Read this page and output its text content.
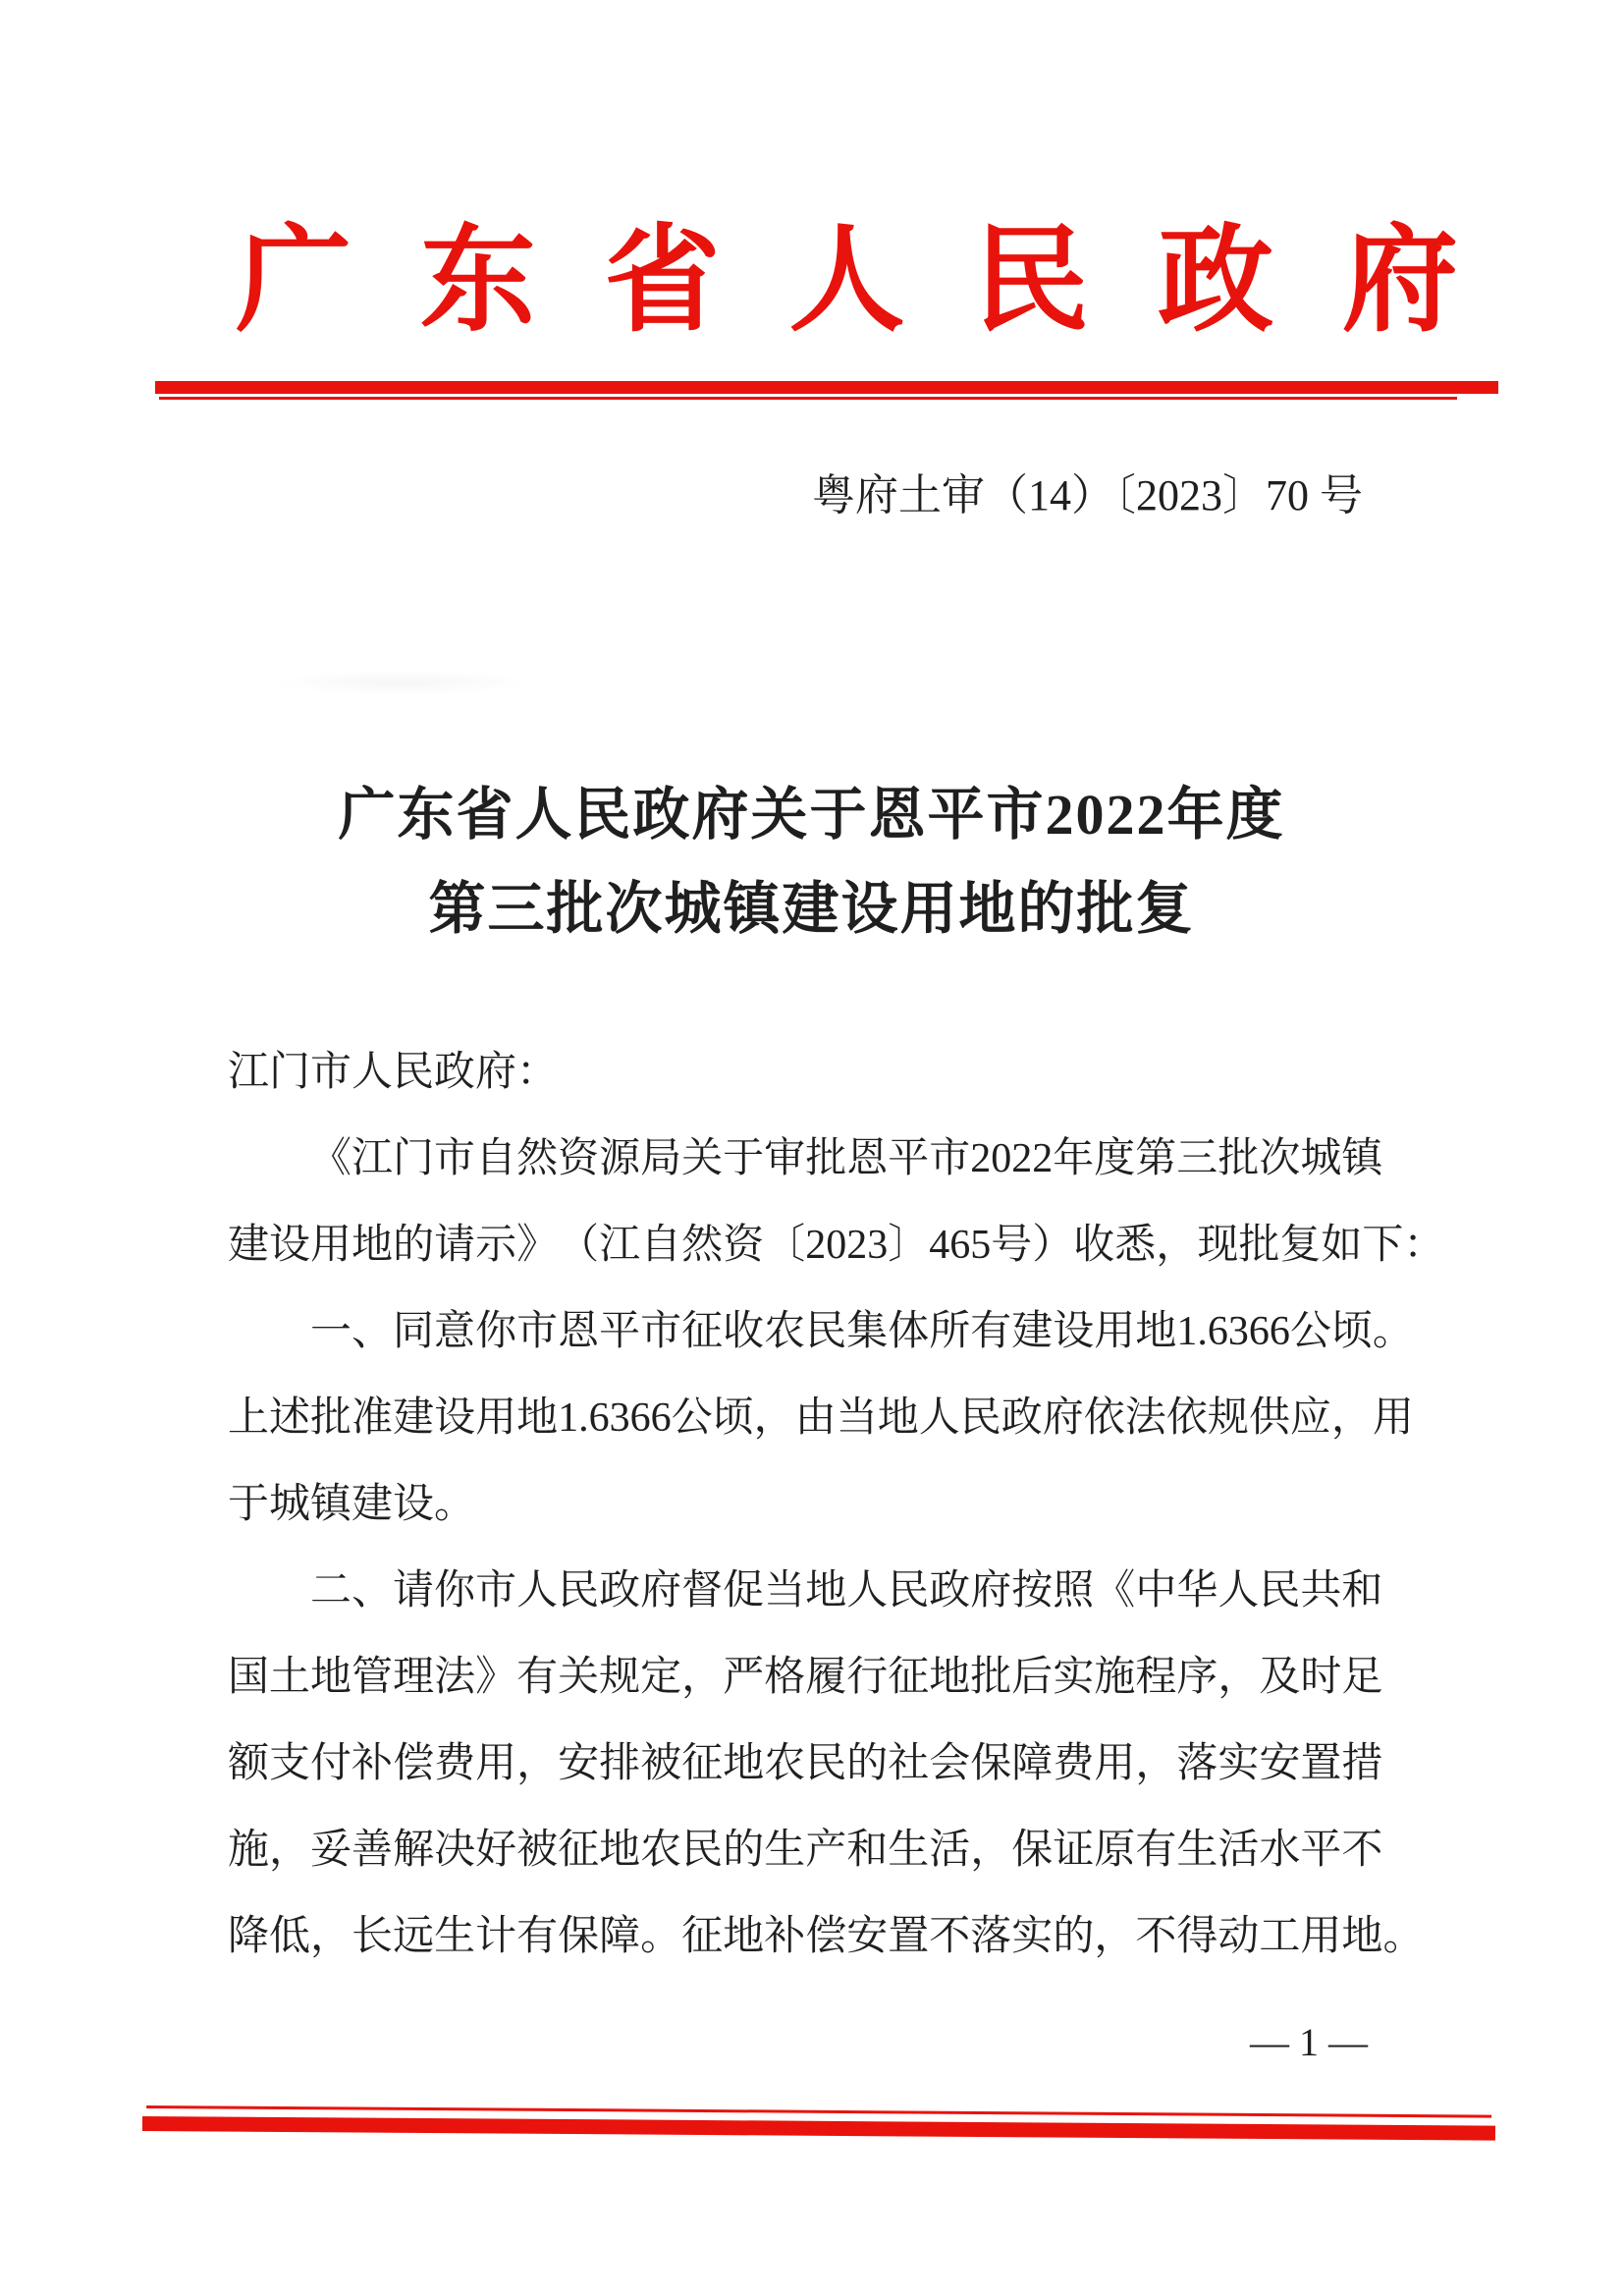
广 东 省 人 民 政 府
粤府土审（14）〔2023〕70 号
广东省人民政府关于恩平市2022年度
第三批次城镇建设用地的批复
江门市人民政府：
《 江 门 市 自 然 资 源 局 关 于 审 批 恩 平 市 2 0 2 2 年 度 第 三 批 次 城 镇
建 设 用 地 的 请 示 》 （ 江 自 然 资 〔 2 0 2 3 〕 4 6 5 号 ） 收 悉 ， 现 批 复 如 下 ：
一 、 同 意 你 市 恩 平 市 征 收 农 民 集 体 所 有 建 设 用 地 1 . 6 3 6 6 公 顷 。
上 述 批 准 建 设 用 地 1 . 6 3 6 6 公 顷 ， 由 当 地 人 民 政 府 依 法 依 规 供 应 ， 用
于城镇建设。
二 、 请 你 市 人 民 政 府 督 促 当 地 人 民 政 府 按 照 《 中 华 人 民 共 和
国 土 地 管 理 法 》 有 关 规 定 ， 严 格 履 行 征 地 批 后 实 施 程 序 ， 及 时 足
额 支 付 补 偿 费 用 ， 安 排 被 征 地 农 民 的 社 会 保 障 费 用 ， 落 实 安 置 措
施 ， 妥 善 解 决 好 被 征 地 农 民 的 生 产 和 生 活 ， 保 证 原 有 生 活 水 平 不
降 低 ， 长 远 生 计 有 保 障 。 征 地 补 偿 安 置 不 落 实 的 ， 不 得 动 工 用 地 。
— 1 —
